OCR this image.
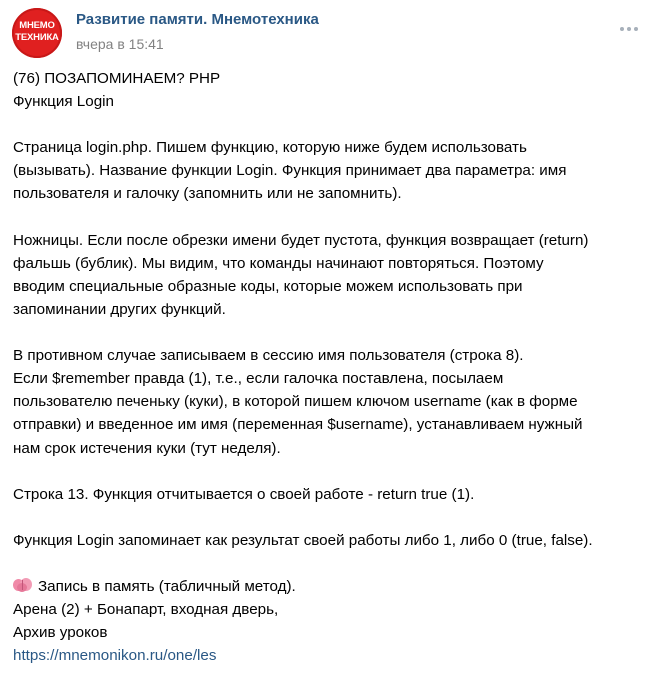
МНЕМО
ТЕХНИКА
Развитие памяти. Мнемотехника
вчера в 15:41

(76) ПОЗАПОМИНАЕМ? PHP
Функция Login

Страница login.php. Пишем функцию, которую ниже будем использовать
(вызывать). Название функции Login. Функция принимает два параметра: имя
пользователя и галочку (запомнить или не запомнить).

Ножницы. Если после обрезки имени будет пустота, функция возвращает (return)
фальшь (бублик). Мы видим, что команды начинают повторяться. Поэтому
вводим специальные образные коды, которые можем использовать при
запоминании других функций.

В противном случае записываем в сессию имя пользователя (строка 8).
Если $remember правда (1), т.е., если галочка поставлена, посылаем
пользователю печеньку (куки), в которой пишем ключом username (как в форме
отправки) и введенное им имя (переменная $username), устанавливаем нужный
нам срок истечения куки (тут неделя).

Строка 13. Функция отчитывается о своей работе - return true (1).

Функция Login запоминает как результат своей работы либо 1, либо 0 (true, false).

Запись в память (табличный метод).
Арена (2) + Бонапарт, входная дверь,
Архив уроков
https://mnemonikon.ru/one/les
